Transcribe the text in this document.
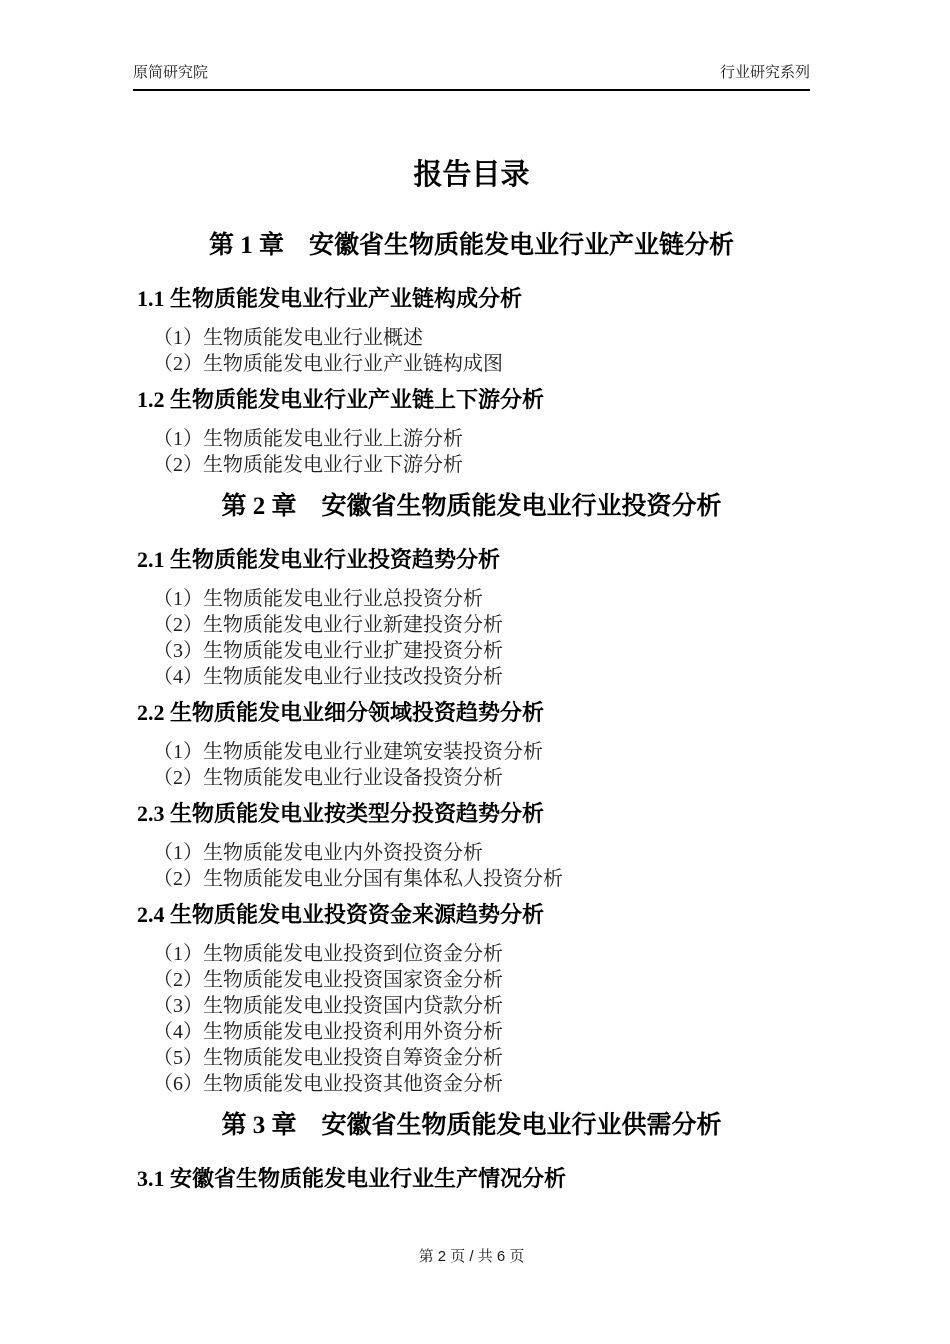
原简研究院	行业研究系列
报告目录
第 1 章　安徽省生物质能发电业行业产业链分析
1.1 生物质能发电业行业产业链构成分析
（1）生物质能发电业行业概述
（2）生物质能发电业行业产业链构成图
1.2 生物质能发电业行业产业链上下游分析
（1）生物质能发电业行业上游分析
（2）生物质能发电业行业下游分析
第 2 章　安徽省生物质能发电业行业投资分析
2.1 生物质能发电业行业投资趋势分析
（1）生物质能发电业行业总投资分析
（2）生物质能发电业行业新建投资分析
（3）生物质能发电业行业扩建投资分析
（4）生物质能发电业行业技改投资分析
2.2 生物质能发电业细分领域投资趋势分析
（1）生物质能发电业行业建筑安装投资分析
（2）生物质能发电业行业设备投资分析
2.3 生物质能发电业按类型分投资趋势分析
（1）生物质能发电业内外资投资分析
（2）生物质能发电业分国有集体私人投资分析
2.4 生物质能发电业投资资金来源趋势分析
（1）生物质能发电业投资到位资金分析
（2）生物质能发电业投资国家资金分析
（3）生物质能发电业投资国内贷款分析
（4）生物质能发电业投资利用外资分析
（5）生物质能发电业投资自筹资金分析
（6）生物质能发电业投资其他资金分析
第 3 章　安徽省生物质能发电业行业供需分析
3.1 安徽省生物质能发电业行业生产情况分析
第 2 页 / 共 6 页
